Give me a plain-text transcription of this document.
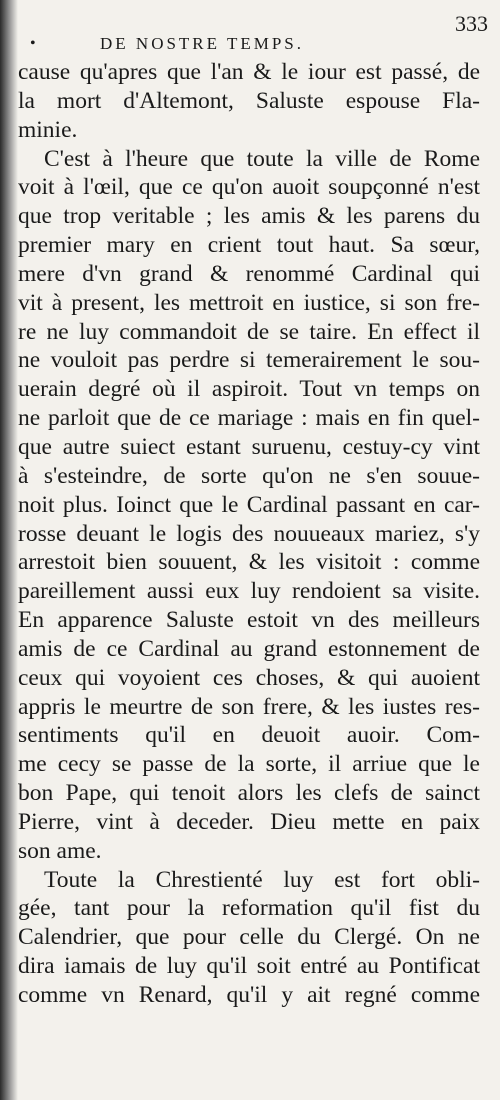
•	DE NOSTRE TEMPS.
333

cause qu'apres que l'an & le iour est passé, de
la mort d'Altemont, Saluste espouse Fla-
minie.

C'est à l'heure que toute la ville de Rome
voit à l'œil, que ce qu'on auoit soupçonné n'est
que trop veritable ; les amis & les parens du
premier mary en crient tout haut. Sa sœur,
mere d'vn grand & renommé Cardinal qui
vit à present, les mettroit en iustice, si son fre-
re ne luy commandoit de se taire. En effect il
ne vouloit pas perdre si temerairement le sou-
uerain degré où il aspiroit. Tout vn temps on
ne parloit que de ce mariage : mais en fin quel-
que autre suiect estant suruenu, cestuy-cy vint
à s'esteindre, de sorte qu'on ne s'en souue-
noit plus. Ioinct que le Cardinal passant en car-
rosse deuant le logis des nouueaux mariez, s'y
arrestoit bien souuent, & les visitoit : comme
pareillement aussi eux luy rendoient sa visite.
En apparence Saluste estoit vn des meilleurs
amis de ce Cardinal au grand estonnement de
ceux qui voyoient ces choses, & qui auoient
appris le meurtre de son frere, & les iustes res-
sentiments qu'il en deuoit auoir. Com-
me cecy se passe de la sorte, il arriue que le
bon Pape, qui tenoit alors les clefs de sainct
Pierre, vint à deceder. Dieu mette en paix
son ame.

Toute la Chrestienté luy est fort obli-
gée, tant pour la reformation qu'il fist du
Calendrier, que pour celle du Clergé. On ne
dira iamais de luy qu'il soit entré au Pontificat
comme vn Renard, qu'il y ait regné comme
